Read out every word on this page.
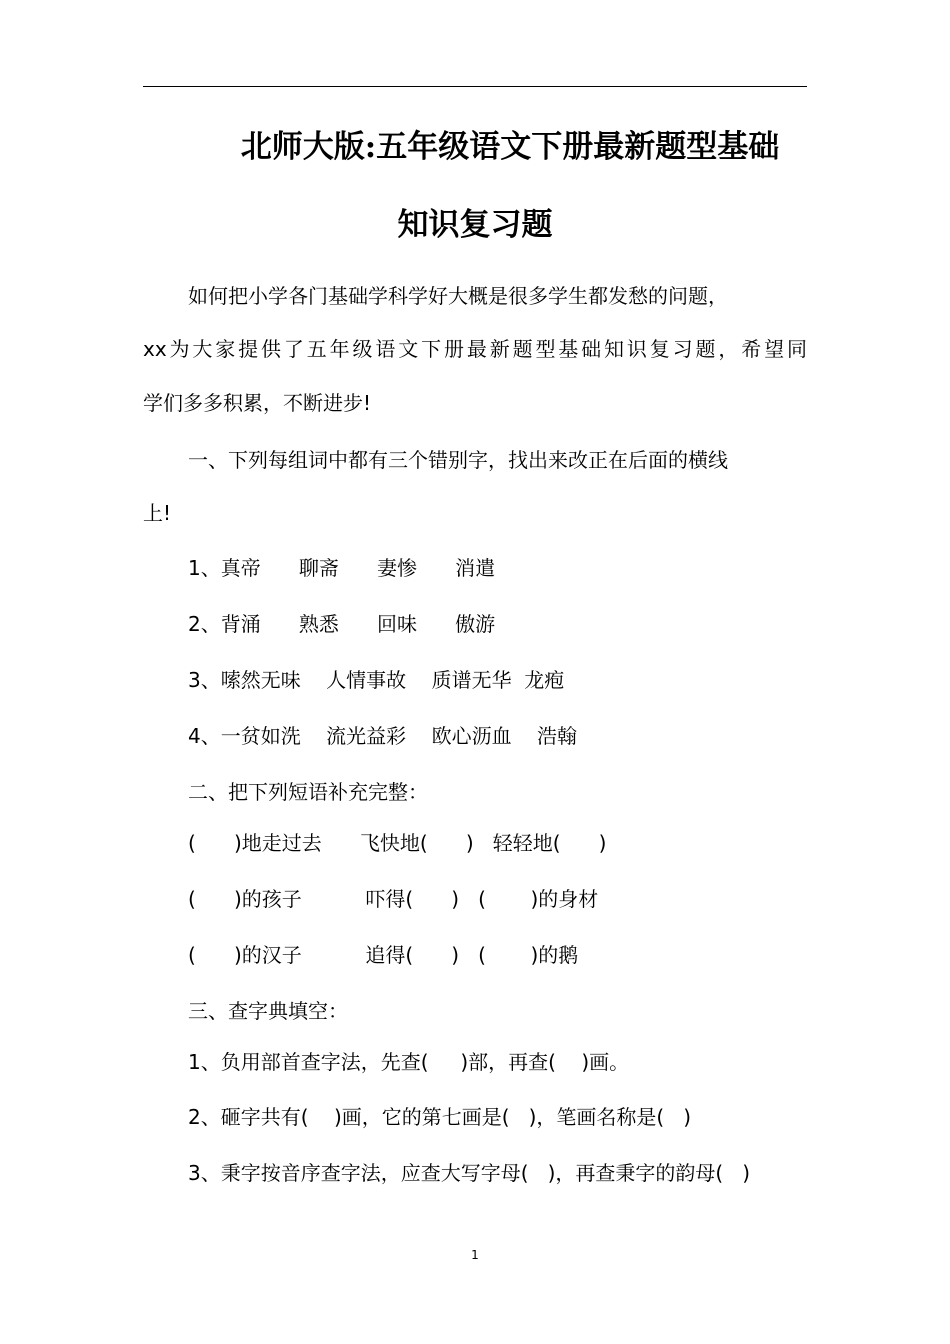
北师大版:五年级语文下册最新题型基础
知识复习题
如何把小学各门基础学科学好大概是很多学生都发愁的问题，
xx为大家提供了五年级语文下册最新题型基础知识复习题，希望同
学们多多积累，不断进步!
一、下列每组词中都有三个错别字，找出来改正在后面的横线
上!
1、真帝      聊斋      妻惨      消遣
2、背涌      熟悉      回味      傲游
3、嗦然无味    人情事故    质谱无华  龙疱
4、一贫如洗    流光益彩    欧心沥血    浩翰
二、把下列短语补充完整：
(      )地走过去      飞快地(      )   轻轻地(      )
(      )的孩子          吓得(      )   (       )的身材
(      )的汉子          追得(      )   (       )的鹅
三、查字典填空：
1、负用部首查字法，先查(     )部，再查(    )画。
2、砸字共有(    )画，它的第七画是(   )，笔画名称是(   )
3、秉字按音序查字法，应查大写字母(   )，再查秉字的韵母(   )
1
